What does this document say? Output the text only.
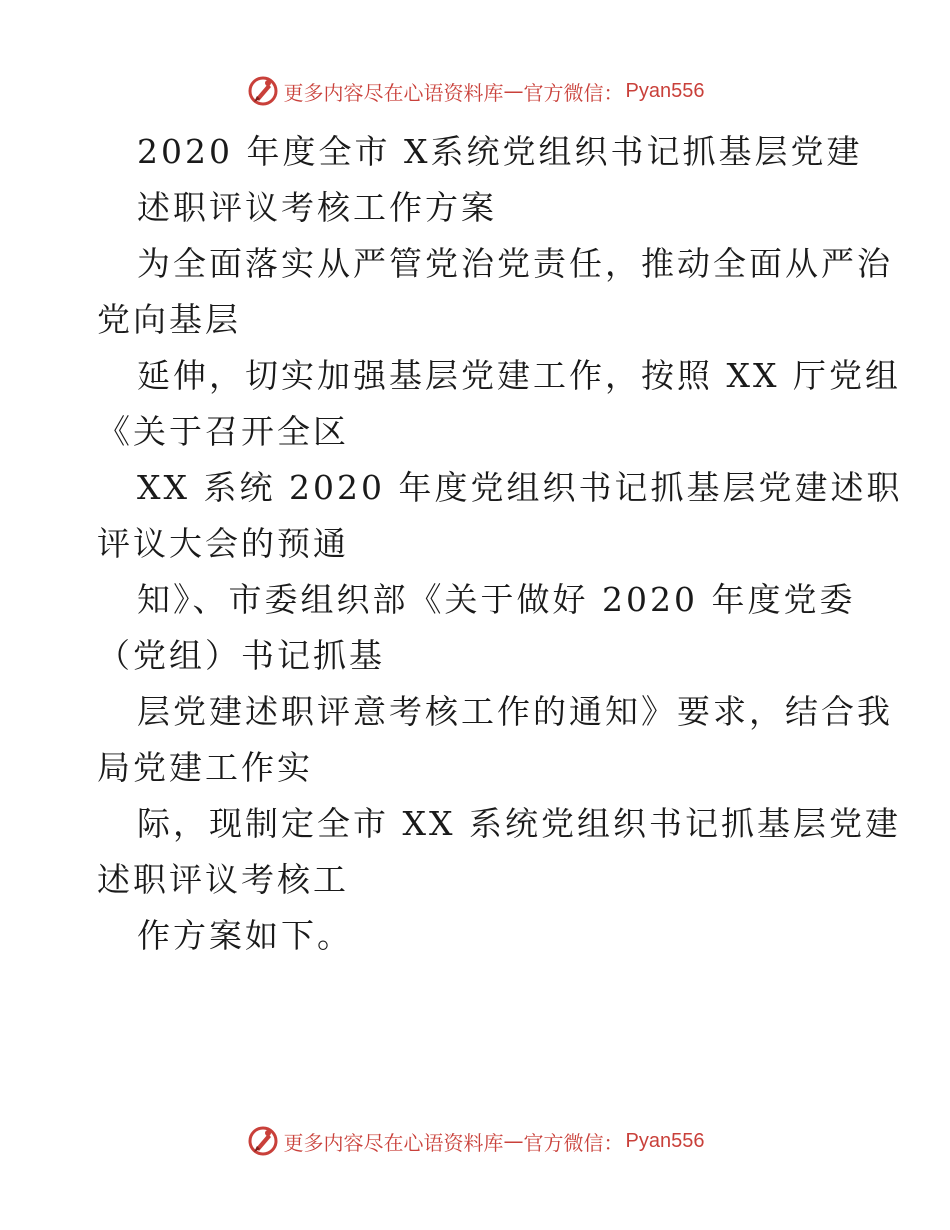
更多内容尽在心语资料库 — 官方微信： Pyan556
2020 年度全市 X系统党组织书记抓基层党建
述职评议考核工作方案
为全面落实从严管党治党责任，推动全面从严治
党向基层
延伸，切实加强基层党建工作，按照 XX 厅党组
《关于召开全区
XX 系统 2020 年度党组织书记抓基层党建述职
评议大会的预通
知》、市委组织部《关于做好 2020 年度党委
（党组）书记抓基
层党建述职评意考核工作的通知》要求，结合我
局党建工作实
际，现制定全市 XX 系统党组织书记抓基层党建
述职评议考核工
作方案如下。
更多内容尽在心语资料库 — 官方微信： Pyan556
